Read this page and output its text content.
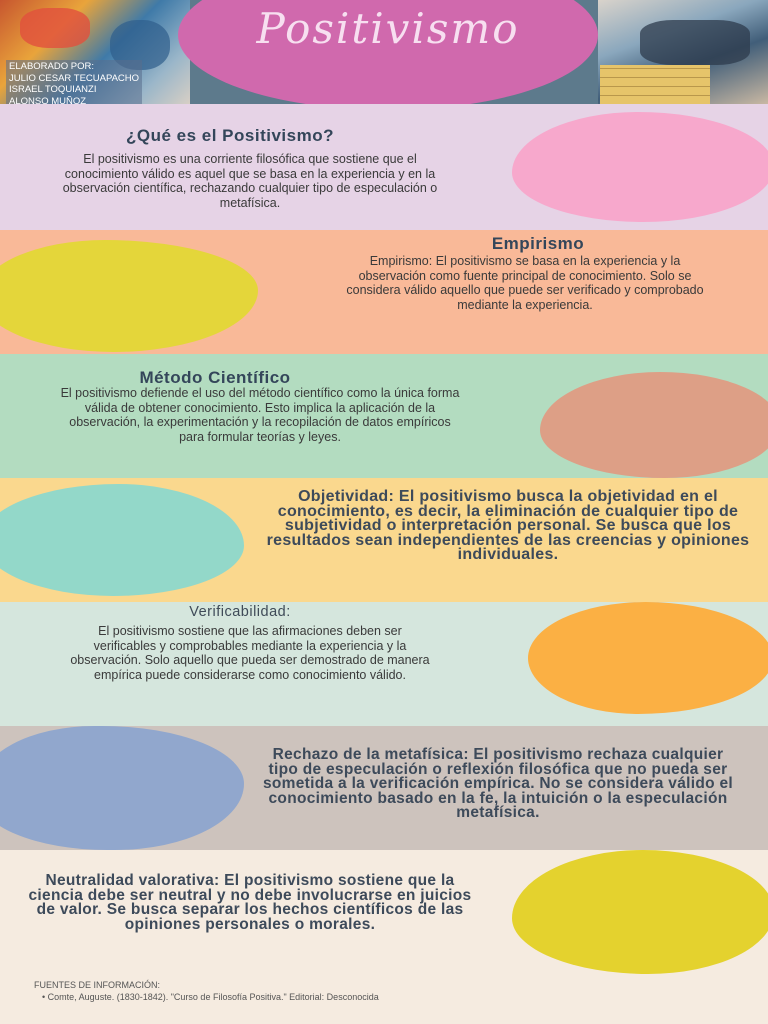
Positivismo
ELABORADO POR:
JULIO CESAR TECUAPACHO
ISRAEL TOQUIANZI
ALONSO MUÑOZ
¿Qué es el Positivismo?
El positivismo es una corriente filosófica que sostiene que el conocimiento válido es aquel que se basa en la experiencia y en la observación científica, rechazando cualquier tipo de especulación o metafísica.
Empirismo
Empirismo: El positivismo se basa en la experiencia y la observación como fuente principal de conocimiento. Solo se considera válido aquello que puede ser verificado y comprobado mediante la experiencia.
Método Científico
El positivismo defiende el uso del método científico como la única forma válida de obtener conocimiento. Esto implica la aplicación de la observación, la experimentación y la recopilación de datos empíricos para formular teorías y leyes.
Objetividad: El positivismo busca la objetividad en el conocimiento, es decir, la eliminación de cualquier tipo de subjetividad o interpretación personal. Se busca que los resultados sean independientes de las creencias y opiniones individuales.
Verificabilidad:
El positivismo sostiene que las afirmaciones deben ser verificables y comprobables mediante la experiencia y la observación. Solo aquello que pueda ser demostrado de manera empírica puede considerarse como conocimiento válido.
Rechazo de la metafísica: El positivismo rechaza cualquier tipo de especulación o reflexión filosófica que no pueda ser sometida a la verificación empírica. No se considera válido el conocimiento basado en la fe, la intuición o la especulación metafísica.
Neutralidad valorativa: El positivismo sostiene que la ciencia debe ser neutral y no debe involucrarse en juicios de valor. Se busca separar los hechos científicos de las opiniones personales o morales.
FUENTES DE INFORMACIÓN:
• Comte, Auguste. (1830-1842). "Curso de Filosofía Positiva." Editorial: Desconocida
